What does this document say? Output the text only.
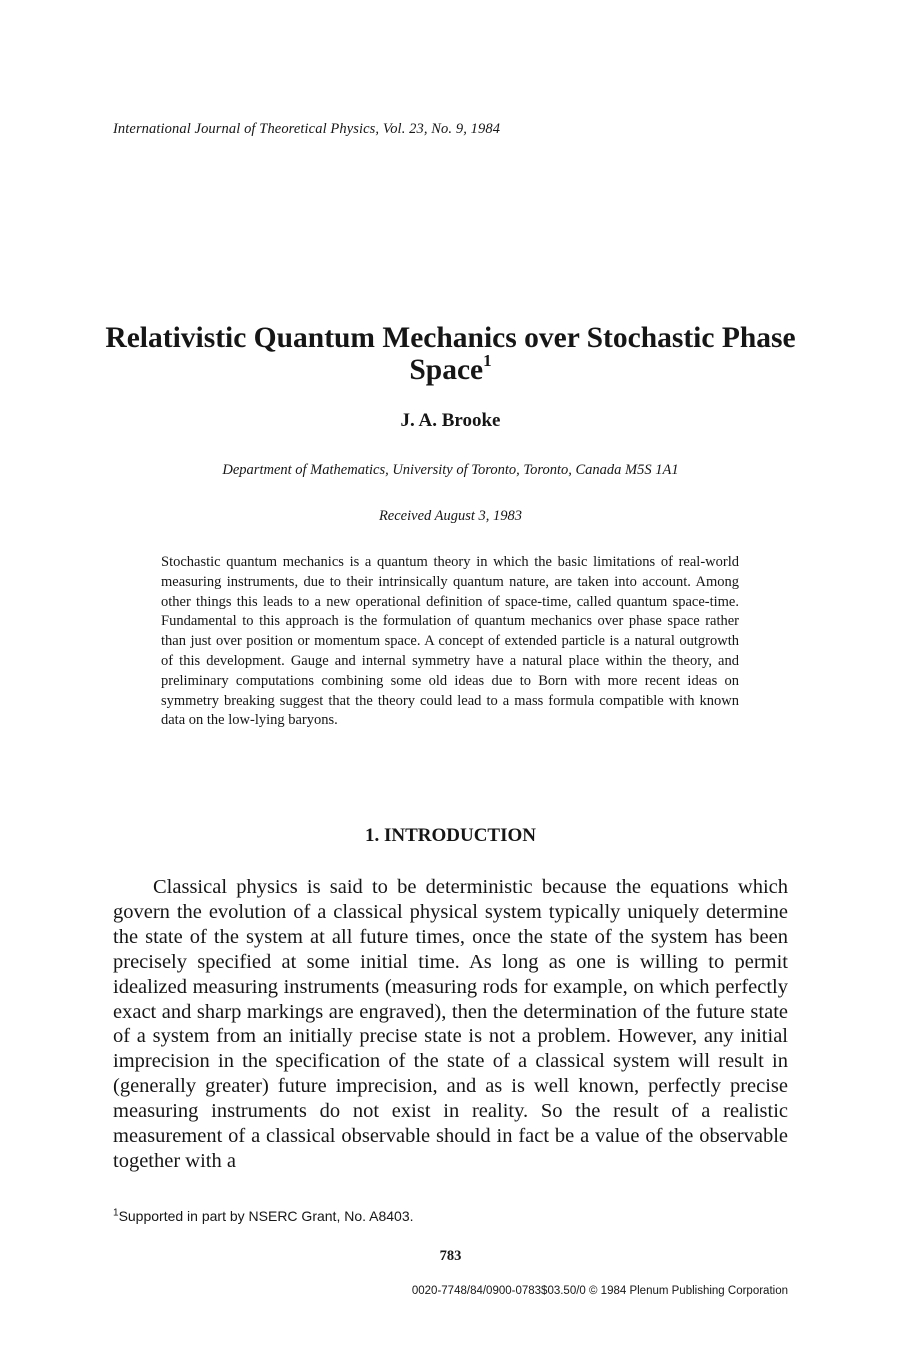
International Journal of Theoretical Physics, Vol. 23, No. 9, 1984
Relativistic Quantum Mechanics over Stochastic Phase Space$^1$
J. A. Brooke
Department of Mathematics, University of Toronto, Toronto, Canada M5S 1A1
Received August 3, 1983
Stochastic quantum mechanics is a quantum theory in which the basic limitations of real-world measuring instruments, due to their intrinsically quantum nature, are taken into account. Among other things this leads to a new operational definition of space-time, called quantum space-time. Fundamental to this approach is the formulation of quantum mechanics over phase space rather than just over position or momentum space. A concept of extended particle is a natural outgrowth of this development. Gauge and internal symmetry have a natural place within the theory, and preliminary computations combining some old ideas due to Born with more recent ideas on symmetry breaking suggest that the theory could lead to a mass formula compatible with known data on the low-lying baryons.
1. INTRODUCTION
Classical physics is said to be deterministic because the equations which govern the evolution of a classical physical system typically uniquely determine the state of the system at all future times, once the state of the system has been precisely specified at some initial time. As long as one is willing to permit idealized measuring instruments (measuring rods for example, on which perfectly exact and sharp markings are engraved), then the determination of the future state of a system from an initially precise state is not a problem. However, any initial imprecision in the specification of the state of a classical system will result in (generally greater) future imprecision, and as is well known, perfectly precise measuring instruments do not exist in reality. So the result of a realistic measurement of a classical observable should in fact be a value of the observable together with a
$^1$Supported in part by NSERC Grant, No. A8403.
783
0020-7748/84/0900-0783$03.50/0 © 1984 Plenum Publishing Corporation
